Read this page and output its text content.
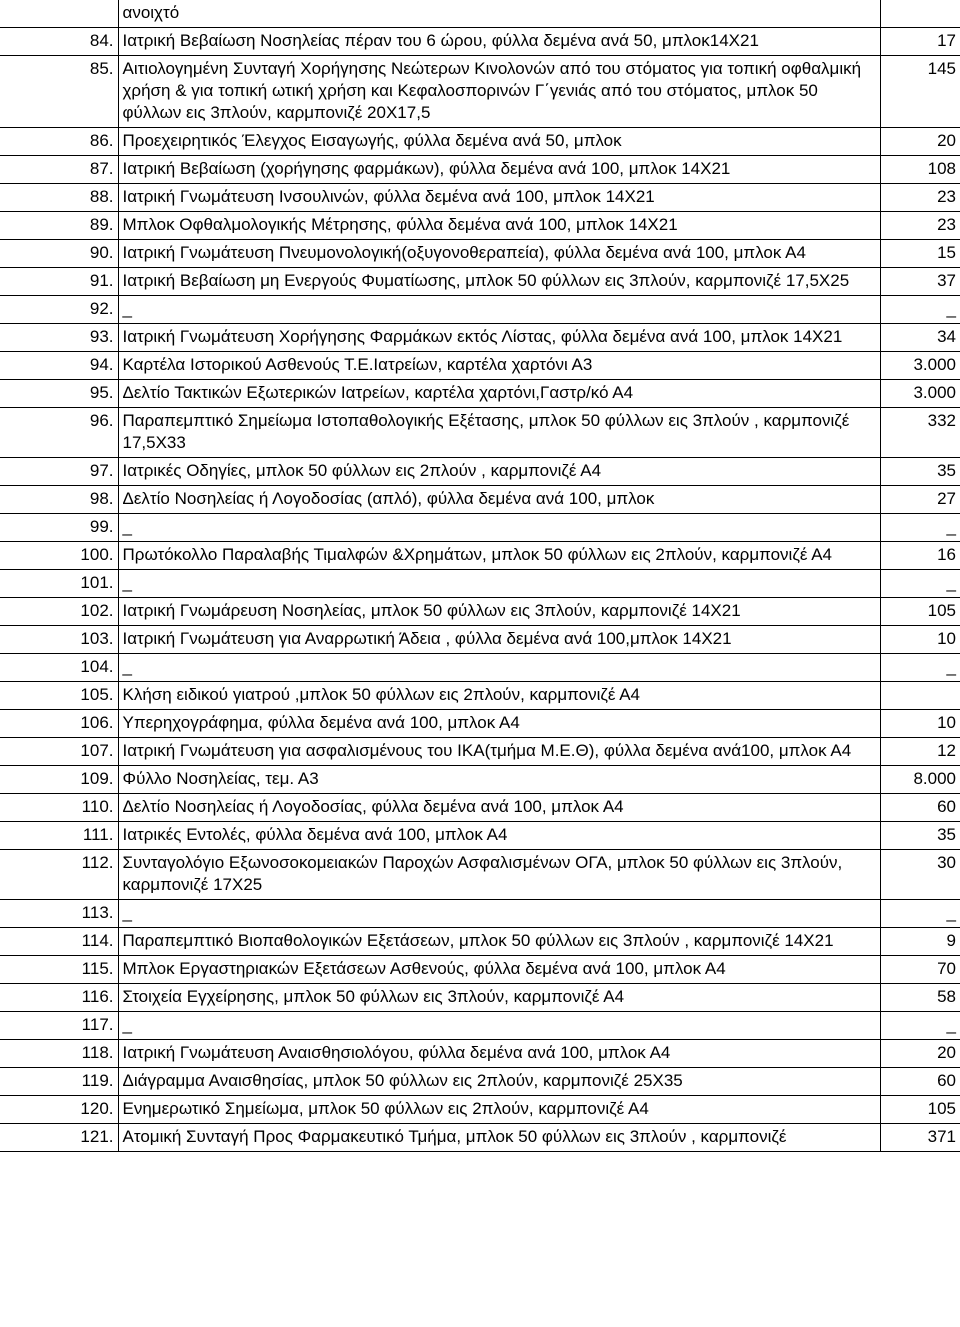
	ανοιχτό	
84.	Ιατρική Βεβαίωση Νοσηλείας πέραν του 6 ώρου, φύλλα δεμένα ανά 50, μπλοκ14Χ21	17
85.	Αιτιολογημένη Συνταγή Χορήγησης Νεώτερων Κινολονών από του στόματος για τοπική οφθαλμική χρήση & για τοπική ωτική χρήση και Κεφαλοσπορινών Γ΄γενιάς από του στόματος, μπλοκ 50 φύλλων εις 3πλούν, καρμπονιζέ 20Χ17,5	145
86.	Προεχειρητικός Έλεγχος Εισαγωγής, φύλλα δεμένα ανά 50, μπλοκ	20
87.	Ιατρική Βεβαίωση (χορήγησης φαρμάκων), φύλλα δεμένα ανά 100, μπλοκ 14Χ21	108
88.	Ιατρική Γνωμάτευση Ινσουλινών, φύλλα δεμένα ανά 100, μπλοκ 14Χ21	23
89.	Μπλοκ Οφθαλμολογικής Μέτρησης, φύλλα δεμένα ανά 100, μπλοκ 14Χ21	23
90.	Ιατρική Γνωμάτευση Πνευμονολογική(οξυγονοθεραπεία), φύλλα δεμένα ανά 100, μπλοκ Α4	15
91.	Ιατρική Βεβαίωση μη Ενεργούς Φυματίωσης, μπλοκ 50 φύλλων εις 3πλούν, καρμπονιζέ 17,5Χ25	37
92.	_	_
93.	Ιατρική Γνωμάτευση Χορήγησης Φαρμάκων εκτός Λίστας, φύλλα δεμένα ανά 100, μπλοκ 14Χ21	34
94.	Καρτέλα Ιστορικού Ασθενούς Τ.Ε.Ιατρείων, καρτέλα χαρτόνι Α3	3.000
95.	Δελτίο Τακτικών Εξωτερικών Ιατρείων, καρτέλα χαρτόνι,Γαστρ/κό Α4	3.000
96.	Παραπεμπτικό Σημείωμα Ιστοπαθολογικής Εξέτασης, μπλοκ 50 φύλλων εις 3πλούν , καρμπονιζέ 17,5Χ33	332
97.	Ιατρικές Οδηγίες, μπλοκ 50 φύλλων εις 2πλούν , καρμπονιζέ Α4	35
98.	Δελτίο Νοσηλείας ή Λογοδοσίας (απλό), φύλλα δεμένα ανά 100, μπλοκ	27
99.	_	_
100.	Πρωτόκολλο Παραλαβής Τιμαλφών &Χρημάτων, μπλοκ 50 φύλλων εις 2πλούν, καρμπονιζέ Α4	16
101.	_	_
102.	Ιατρική Γνωμάρευση Νοσηλείας, μπλοκ 50 φύλλων εις 3πλούν, καρμπονιζέ 14Χ21	105
103.	Ιατρική Γνωμάτευση για Αναρρωτική Άδεια , φύλλα δεμένα ανά 100,μπλοκ 14Χ21	10
104.	_	_
105.	Κλήση ειδικού γιατρού ,μπλοκ 50 φύλλων εις 2πλούν, καρμπονιζέ Α4	
106.	Υπερηχογράφημα, φύλλα δεμένα ανά 100, μπλοκ Α4	10
107.	Ιατρική Γνωμάτευση για ασφαλισμένους του ΙΚΑ(τμήμα Μ.Ε.Θ), φύλλα δεμένα ανά100, μπλοκ Α4	12
109.	Φύλλο Νοσηλείας, τεμ. Α3	8.000
110.	Δελτίο Νοσηλείας ή Λογοδοσίας, φύλλα δεμένα ανά 100, μπλοκ Α4	60
111.	Ιατρικές Εντολές, φύλλα δεμένα ανά 100, μπλοκ Α4	35
112.	Συνταγολόγιο Εξωνοσοκομειακών Παροχών Ασφαλισμένων ΟΓΑ, μπλοκ 50 φύλλων εις 3πλούν, καρμπονιζέ 17Χ25	30
113.	_	_
114.	Παραπεμπτικό Βιοπαθολογικών Εξετάσεων, μπλοκ 50 φύλλων εις 3πλούν , καρμπονιζέ 14Χ21	9
115.	Μπλοκ Εργαστηριακών Εξετάσεων Ασθενούς, φύλλα δεμένα ανά 100, μπλοκ Α4	70
116.	Στοιχεία Εγχείρησης, μπλοκ 50 φύλλων εις 3πλούν, καρμπονιζέ Α4	58
117.	_	_
118.	Ιατρική Γνωμάτευση Αναισθησιολόγου, φύλλα δεμένα ανά 100, μπλοκ Α4	20
119.	Διάγραμμα Αναισθησίας, μπλοκ 50 φύλλων εις 2πλούν, καρμπονιζέ 25Χ35	60
120.	Ενημερωτικό Σημείωμα, μπλοκ 50 φύλλων εις 2πλούν, καρμπονιζέ Α4	105
121.	Ατομική Συνταγή Προς Φαρμακευτικό Τμήμα, μπλοκ 50 φύλλων εις 3πλούν , καρμπονιζέ	371
